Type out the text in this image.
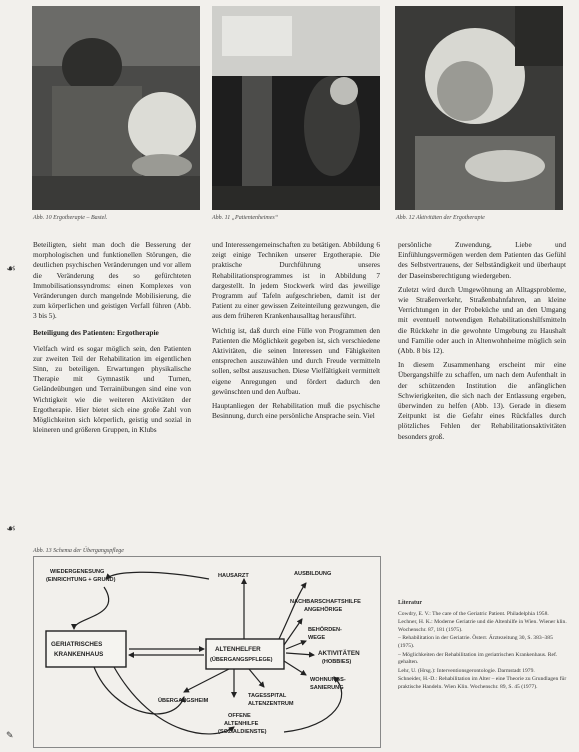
Abb. 10 Ergotherapie – Bastel.	Abb. 11 „Patientenheimes“	Abb. 12 Aktivitäten der Ergotherapie
☙
☙
✎

Beteiligten, sieht man doch die Besserung der morphologischen und funktionellen Störungen, die deutlichen psychischen Veränderungen und vor allem die Veränderung des so gefürchteten Immobilisationssyndroms: einen Komplexes von Veränderungen durch mangelnde Mobilisierung, die zum körperlichen und geistigen Verfall führen (Abb. 3 bis 5).

Beteiligung des Patienten: Ergotherapie

Vielfach wird es sogar möglich sein, den Patienten zur zweiten Teil der Rehabilitation im eigentlichen Sinn, zu beteiligen. Erwartungen physikalische Therapie mit Gymnastik und Turnen, Geländeübungen und Terrainübungen sind eine von Wichtigkeit wie die weiteren Aktivitäten der Ergotherapie. Hier bietet sich eine große Zahl von Möglichkeiten sich körperlich, geistig und sozial in kleineren und größeren Gruppen, in Klubs

und Interessengemeinschaften zu betätigen. Abbildung 6 zeigt einige Techniken unserer Ergotherapie. Die praktische Durchführung unseres Rehabilitationsprogrammes ist in Abbildung 7 dargestellt. In jedem Stockwerk wird das jeweilige Programm auf Tafeln aufgeschrieben, damit ist der Patient zu einer gewissen Zeiteinteilung gezwungen, die aus dem früheren Krankenhausalltag herausführt.

Wichtig ist, daß durch eine Fülle von Programmen den Patienten die Möglichkeit gegeben ist, sich verschiedene Aktivitäten, die seinen Interessen und Fähigkeiten entsprechen auszuwählen und durch Freude vermitteln sollen, selbst auszusuchen. Diese Vielfältigkeit vermittelt eigene Anregungen und fördert dadurch den gewünschten und den Aufbau.

Hauptanliegen der Rehabilitation muß die psychische Besinnung, durch eine persönliche Ansprache sein. Viel

persönliche Zuwendung, Liebe und Einfühlungsvermögen werden dem Patienten das Gefühl des Selbstvertrauens, der Selbständigkeit und überhaupt der Daseinsberechtigung wiedergeben.

Zuletzt wird durch Umgewöhnung an Alltagsprobleme, wie Straßenverkehr, Straßenbahnfahren, an kleine Verrichtungen in der Probeküche und an den Umgang mit eventuell notwendigen Rehabilitationshilfsmitteln die Rückkehr in die gewohnte Umgebung zu Haushalt und Familie oder auch in Altenwohnheime möglich sein (Abb. 8 bis 12).

In diesem Zusammenhang erscheint mir eine Übergangshilfe zu schaffen, um nach dem Aufenthalt in der schützenden Institution die anfänglichen Schwierigkeiten, die sich nach der Entlassung ergeben, überwinden zu helfen (Abb. 13). Gerade in diesem Zeitpunkt ist die Gefahr eines Rückfalles durch plötzliches Fehlen der Rehabilitationsaktivitäten besonders groß.

Abb. 13 Schema der Übergangspflege
WIEDERGENESUNG
(EINRICHTUNG + GRUND)
HAUSARZT	AUSBILDUNG
NACHBARSCHAFTSHILFE
ANGEHÖRIGE
BEHÖRDEN-
WEGE
AKTIVITÄTEN
(HOBBIES)
WOHNUNGS-
SANIERUNG
GERIATRISCHES
KRANKENHAUS
ALTENHELFER
(ÜBERGANGSPFLEGE)
ÜBERGANGSHEIM
TAGESSPITAL
ALTENZENTRUM
OFFENE
ALTENHILFE
(SOZIALDIENSTE)
Literatur
Cowdry, E. V.: The care of the Geriatric Patient. Philadelphia 1958.
Lechner, H. K.: Moderne Geriatrie und die Altenhilfe in Wien. Wiener klin. Wochenschr. 87, 181 (1975).
– Rehabilitation in der Geriatrie. Österr. Ärztezeitung 30, S. 383–385 (1975).
– Möglichkeiten der Rehabilitation im geriatrischen Krankenhaus. Ref. gehalten.
Lehr, U. (Hrsg.): Interventionsgerontologie. Darmstadt 1979.
Schneider, H.-D.: Rehabilitation im Alter – eine Theorie zu Grundlagen für praktische Handeln. Wien Klin. Wochenschr. 89, S. 45 (1977).
